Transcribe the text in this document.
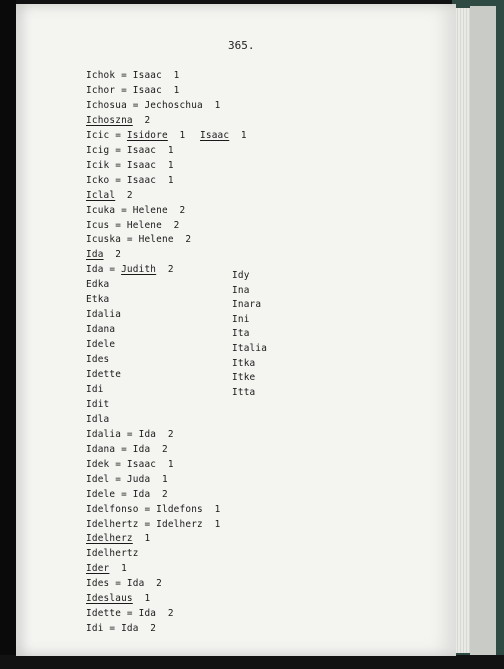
365.
Ichok = Isaac  1
Ichor = Isaac  1
Ichosua = Jechoschua  1
Ichoszna  2
Icic = Isidore  1 Isaac  1
Icig = Isaac  1
Icik = Isaac  1
Icko = Isaac  1
Iclal  2
Icuka = Helene  2
Icus = Helene  2
Icuska = Helene  2
Ida  2
Ida = Judith  2
Edka
Etka
Idalia
Idana
Idele
Ides
Idette
Idi
Idit
Idla
Idalia = Ida  2
Idana = Ida  2
Idek = Isaac  1
Idel = Juda  1
Idele = Ida  2
Idelfonso = Ildefons  1
Idelhertz = Idelherz  1
Idelherz  1
Idelhertz
Ider  1
Ides = Ida  2
Ideslaus  1
Idette = Ida  2
Idi = Ida  2
Idy
Ina
Inara
Ini
Ita
Italia
Itka
Itke
Itta
